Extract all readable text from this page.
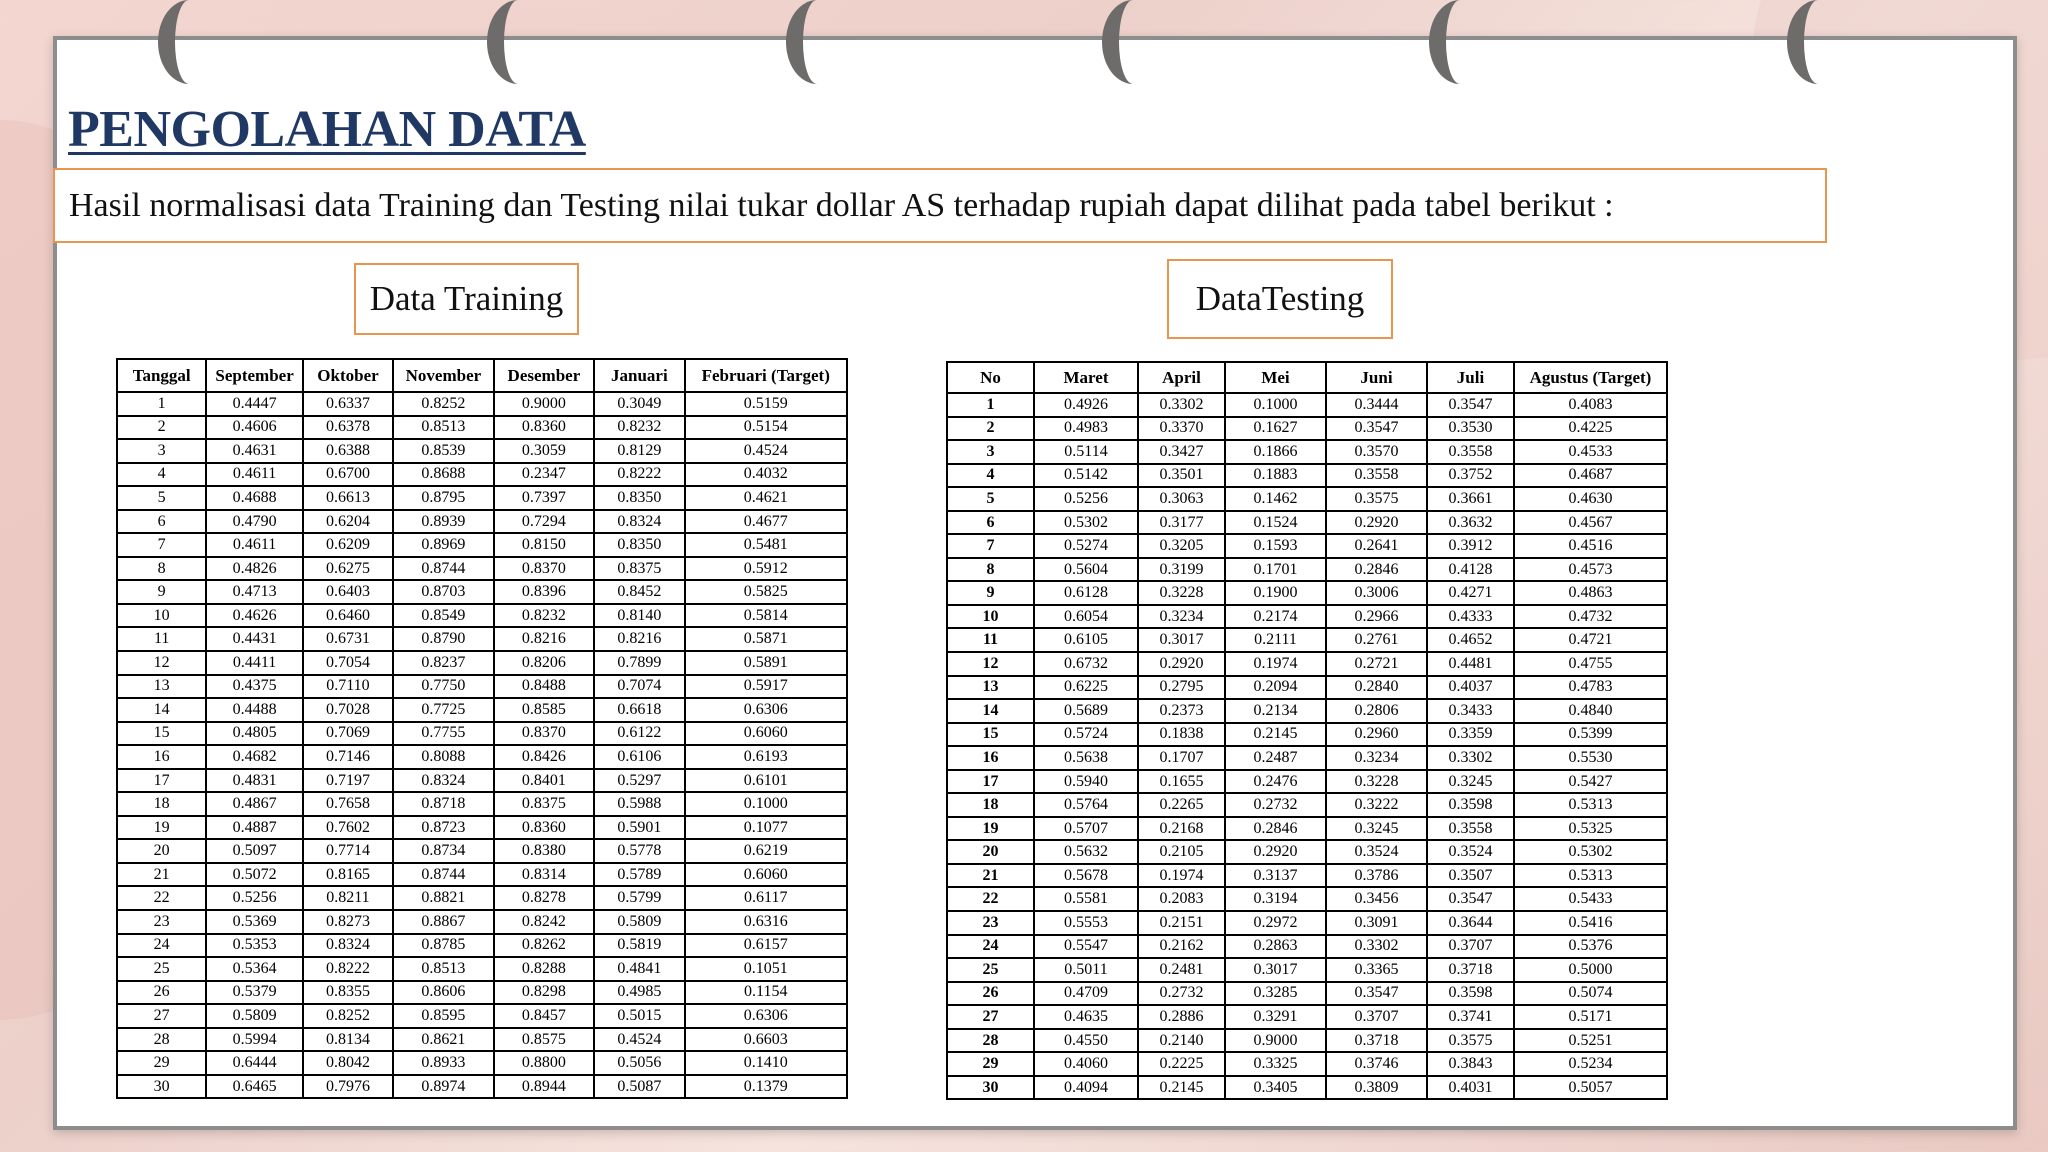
PENGOLAHAN DATA
Hasil normalisasi data Training dan Testing nilai tukar dollar AS terhadap rupiah dapat dilihat pada tabel berikut :
Data Training	DataTesting
Tanggal	September	Oktober	November	Desember	Januari	Februari (Target)
1	0.4447	0.6337	0.8252	0.9000	0.3049	0.5159
2	0.4606	0.6378	0.8513	0.8360	0.8232	0.5154
3	0.4631	0.6388	0.8539	0.3059	0.8129	0.4524
4	0.4611	0.6700	0.8688	0.2347	0.8222	0.4032
5	0.4688	0.6613	0.8795	0.7397	0.8350	0.4621
6	0.4790	0.6204	0.8939	0.7294	0.8324	0.4677
7	0.4611	0.6209	0.8969	0.8150	0.8350	0.5481
8	0.4826	0.6275	0.8744	0.8370	0.8375	0.5912
9	0.4713	0.6403	0.8703	0.8396	0.8452	0.5825
10	0.4626	0.6460	0.8549	0.8232	0.8140	0.5814
11	0.4431	0.6731	0.8790	0.8216	0.8216	0.5871
12	0.4411	0.7054	0.8237	0.8206	0.7899	0.5891
13	0.4375	0.7110	0.7750	0.8488	0.7074	0.5917
14	0.4488	0.7028	0.7725	0.8585	0.6618	0.6306
15	0.4805	0.7069	0.7755	0.8370	0.6122	0.6060
16	0.4682	0.7146	0.8088	0.8426	0.6106	0.6193
17	0.4831	0.7197	0.8324	0.8401	0.5297	0.6101
18	0.4867	0.7658	0.8718	0.8375	0.5988	0.1000
19	0.4887	0.7602	0.8723	0.8360	0.5901	0.1077
20	0.5097	0.7714	0.8734	0.8380	0.5778	0.6219
21	0.5072	0.8165	0.8744	0.8314	0.5789	0.6060
22	0.5256	0.8211	0.8821	0.8278	0.5799	0.6117
23	0.5369	0.8273	0.8867	0.8242	0.5809	0.6316
24	0.5353	0.8324	0.8785	0.8262	0.5819	0.6157
25	0.5364	0.8222	0.8513	0.8288	0.4841	0.1051
26	0.5379	0.8355	0.8606	0.8298	0.4985	0.1154
27	0.5809	0.8252	0.8595	0.8457	0.5015	0.6306
28	0.5994	0.8134	0.8621	0.8575	0.4524	0.6603
29	0.6444	0.8042	0.8933	0.8800	0.5056	0.1410
30	0.6465	0.7976	0.8974	0.8944	0.5087	0.1379
No	Maret	April	Mei	Juni	Juli	Agustus (Target)
1	0.4926	0.3302	0.1000	0.3444	0.3547	0.4083
2	0.4983	0.3370	0.1627	0.3547	0.3530	0.4225
3	0.5114	0.3427	0.1866	0.3570	0.3558	0.4533
4	0.5142	0.3501	0.1883	0.3558	0.3752	0.4687
5	0.5256	0.3063	0.1462	0.3575	0.3661	0.4630
6	0.5302	0.3177	0.1524	0.2920	0.3632	0.4567
7	0.5274	0.3205	0.1593	0.2641	0.3912	0.4516
8	0.5604	0.3199	0.1701	0.2846	0.4128	0.4573
9	0.6128	0.3228	0.1900	0.3006	0.4271	0.4863
10	0.6054	0.3234	0.2174	0.2966	0.4333	0.4732
11	0.6105	0.3017	0.2111	0.2761	0.4652	0.4721
12	0.6732	0.2920	0.1974	0.2721	0.4481	0.4755
13	0.6225	0.2795	0.2094	0.2840	0.4037	0.4783
14	0.5689	0.2373	0.2134	0.2806	0.3433	0.4840
15	0.5724	0.1838	0.2145	0.2960	0.3359	0.5399
16	0.5638	0.1707	0.2487	0.3234	0.3302	0.5530
17	0.5940	0.1655	0.2476	0.3228	0.3245	0.5427
18	0.5764	0.2265	0.2732	0.3222	0.3598	0.5313
19	0.5707	0.2168	0.2846	0.3245	0.3558	0.5325
20	0.5632	0.2105	0.2920	0.3524	0.3524	0.5302
21	0.5678	0.1974	0.3137	0.3786	0.3507	0.5313
22	0.5581	0.2083	0.3194	0.3456	0.3547	0.5433
23	0.5553	0.2151	0.2972	0.3091	0.3644	0.5416
24	0.5547	0.2162	0.2863	0.3302	0.3707	0.5376
25	0.5011	0.2481	0.3017	0.3365	0.3718	0.5000
26	0.4709	0.2732	0.3285	0.3547	0.3598	0.5074
27	0.4635	0.2886	0.3291	0.3707	0.3741	0.5171
28	0.4550	0.2140	0.9000	0.3718	0.3575	0.5251
29	0.4060	0.2225	0.3325	0.3746	0.3843	0.5234
30	0.4094	0.2145	0.3405	0.3809	0.4031	0.5057
